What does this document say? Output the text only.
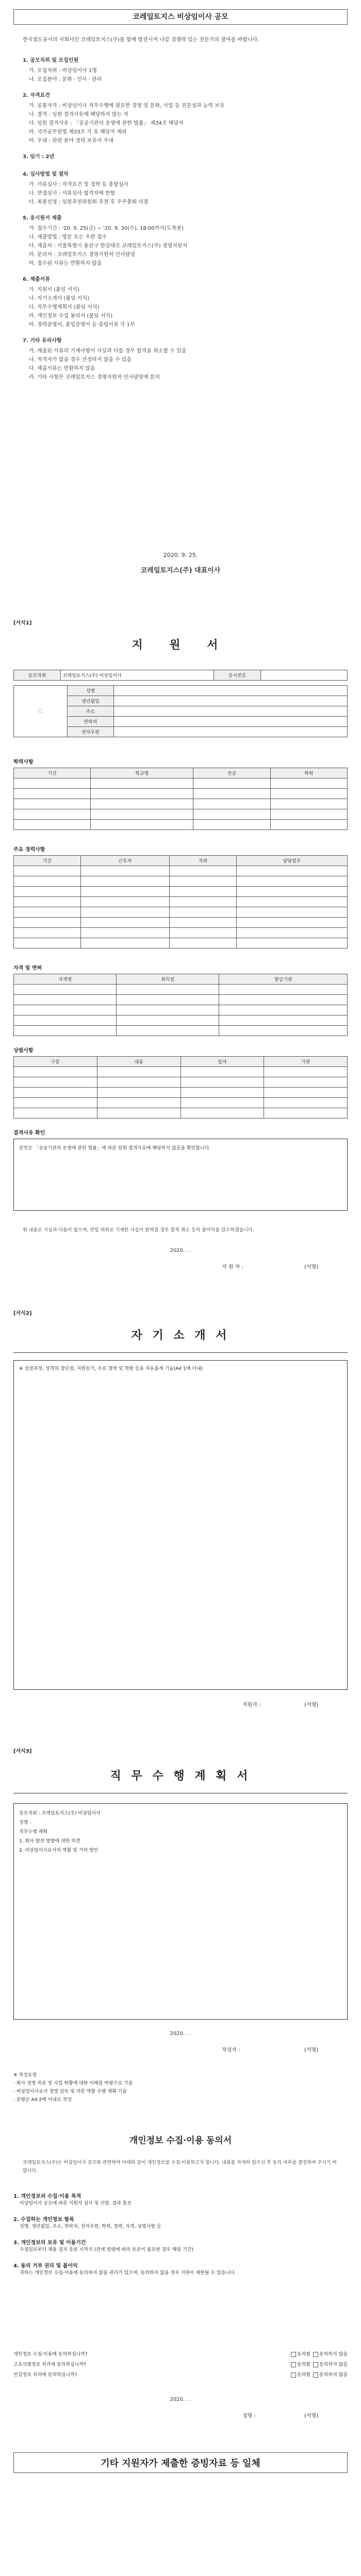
코레일토지스 비상임이사 공모
한국철도공사의 자회사인 코레일토지스(주)를 함께 발전시켜 나갈 경쟁력 있는 전문가의 참여를 바랍니다.
1. 공모직위 및 모집인원
가. 모집직위 : 비상임이사 1명
나. 모집분야 : 문화 · 인사 · 관리
2. 자격요건
가. 공통자격 : 비상임이사 직무수행에 필요한 경영 및 문화, 사업 등 전문성과 능력 보유
나. 결격 : 임원 결격사유에 해당하지 않는 자
다. 임원 결격사유 : 「공공기관의 운영에 관한 법률」 제34조 해당자
라. 국가공무원법 제33조 각 호 해당자 제외
마. 우대 : 관련 분야 경력 보유자 우대
3. 임기 : 2년
4. 심사방법 및 절차
가. 서류심사 : 자격요건 및 경력 등 종합심사
나. 면접심사 : 서류심사 합격자에 한함
다. 최종선정 : 임원추천위원회 추천 후 주주총회 의결
5. 응시원서 제출
가. 접수기간 : '20. 9. 25(금) ~ '20. 9. 30(수), 18:00까지(도착분)
나. 제출방법 : 방문 또는 우편 접수
다. 제출처 : 서울특별시 용산구 한강대로 코레일토지스(주) 경영지원처
라. 문의처 : 코레일토지스 경영지원처 인사담당
마. 접수된 서류는 반환하지 않음
6. 제출서류
가. 지원서 (붙임 서식)
나. 자기소개서 (붙임 서식)
다. 직무수행계획서 (붙임 서식)
라. 개인정보 수집 동의서 (붙임 서식)
마. 경력증명서, 졸업증명서 등 증빙서류 각 1부
7. 기타 유의사항
가. 제출된 서류의 기재사항이 사실과 다를 경우 합격을 취소할 수 있음
나. 적격자가 없을 경우 선정하지 않을 수 있음
다. 제출서류는 반환하지 않음
라. 기타 사항은 코레일토지스 경영지원처 인사담당에 문의
2020. 9. 25.
코레일토지스(주) 대표이사
[서식1]
지 원 서
응모직위	코레일토지스(주) 비상임이사	응시번호	
☐	성명	
	생년월일	
	주소	
	연락처	
	전자우편	
학력사항
기간	학교명	전공	학위

주요 경력사항
기간	근무처	직위	담당업무

자격 및 면허
자격명	취득일	발급기관

상벌사항
구분	내용	일자	기관

결격사유 확인
본인은 「공공기관의 운영에 관한 법률」에 따른 임원 결격사유에 해당하지 않음을 확인합니다.
위 내용은 사실과 다름이 없으며, 만일 허위로 기재한 사실이 밝혀질 경우 합격 취소 등의 불이익을 감수하겠습니다.
2020. . .
지 원 자 :	(서명)
[서식2]
자 기 소 개 서
※ 성장과정, 성격의 장단점, 지원동기, 주요 경력 및 역량 등을 자유롭게 기술(A4 1매 이내)
지원자 :	(서명)
[서식3]
직 무 수 행 계 획 서
응모직위 : 코레일토지스(주) 비상임이사
성명 :
직무수행 계획
1. 회사 발전 방향에 대한 의견
2. 비상임이사로서의 역할 및 기여 방안
2020. . .
작성자 :	(서명)
※ 작성요령
· 회사 경영 목표 및 사업 현황에 대한 이해를 바탕으로 기술
· 비상임이사로서 경영 감독 및 자문 역할 수행 계획 기술
· 분량은 A4 2매 이내로 작성
개인정보 수집·이용 동의서
코레일토지스(주)는 비상임이사 공모와 관련하여 아래와 같이 개인정보를 수집·이용하고자 합니다. 내용을 자세히 읽으신 후 동의 여부를 결정하여 주시기 바랍니다.
1. 개인정보의 수집·이용 목적
비상임이사 공모에 따른 지원자 심사 및 선발, 결과 통보
2. 수집하는 개인정보 항목
성명, 생년월일, 주소, 연락처, 전자우편, 학력, 경력, 자격, 상벌사항 등
3. 개인정보의 보유 및 이용기간
수집일로부터 채용 절차 종료 시까지 (관계 법령에 따라 보존이 필요한 경우 해당 기간)
4. 동의 거부 권리 및 불이익
귀하는 개인정보 수집·이용에 동의하지 않을 권리가 있으며, 동의하지 않을 경우 지원이 제한될 수 있습니다.
개인정보 수집·이용에 동의하십니까?	동의함 동의하지 않음
고유식별정보 처리에 동의하십니까?	동의함 동의하지 않음
민감정보 처리에 동의하십니까?	동의함 동의하지 않음
2020. . .
성명 :	(서명)
기타 지원자가 제출한 증빙자료 등 일체
